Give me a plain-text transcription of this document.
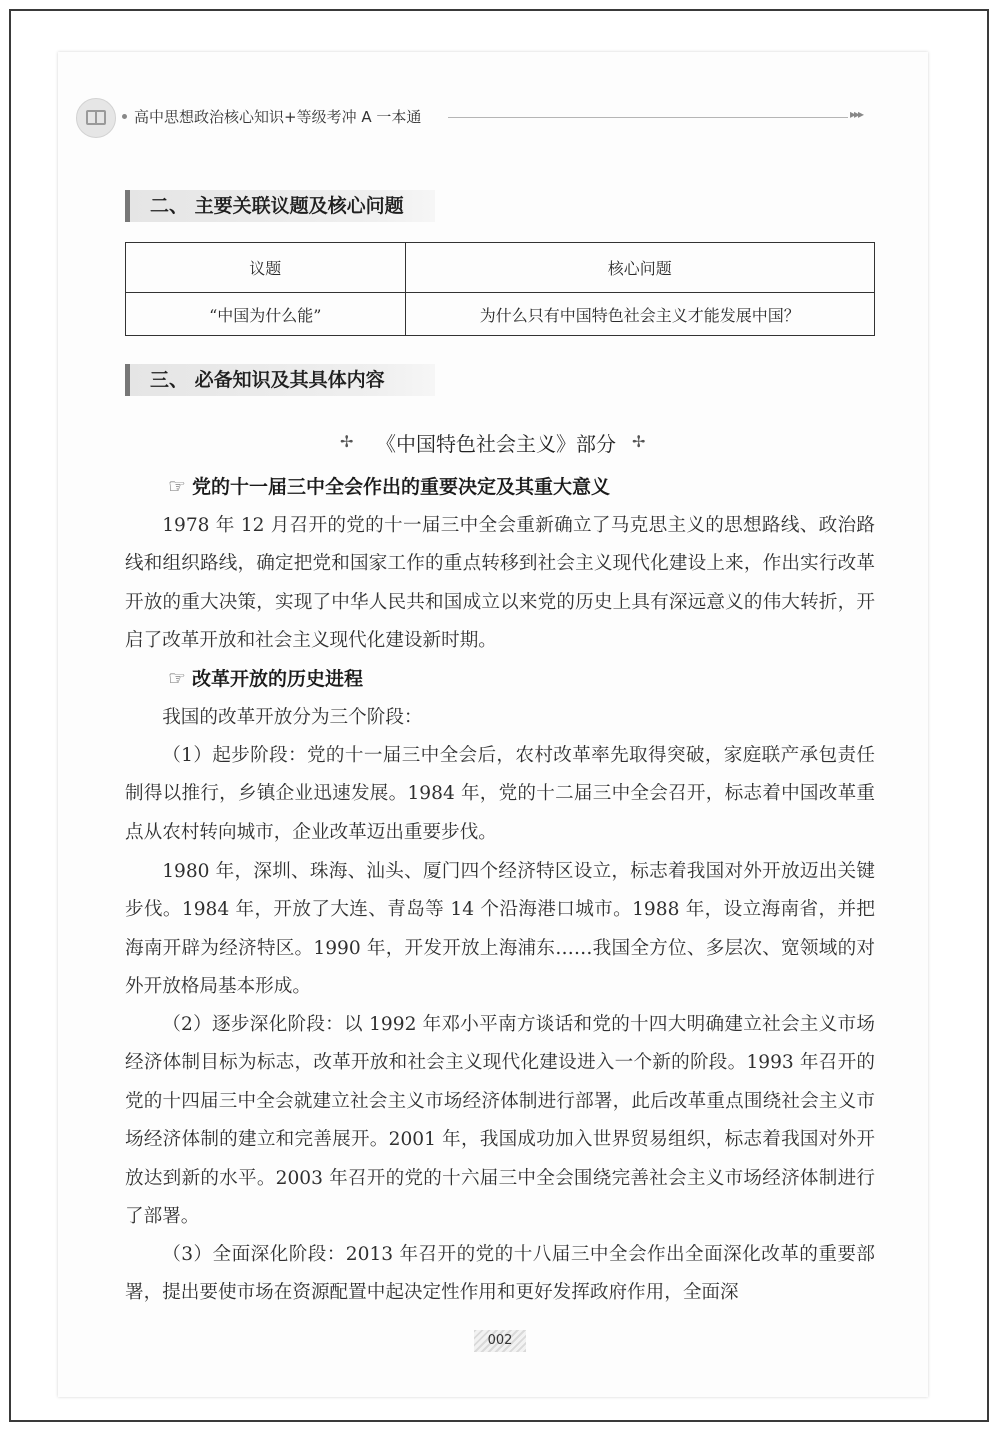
高中思想政治核心知识+等级考冲 A 一本通	▸▸▸
二、 主要关联议题及核心问题
议题	核心问题
“中国为什么能”	为什么只有中国特色社会主义才能发展中国？
三、 必备知识及其具体内容
✢ 《中国特色社会主义》部分 ✢
☞ 党的十一届三中全会作出的重要决定及其重大意义

1978 年 12 月召开的党的十一届三中全会重新确立了马克思主义的思想路线、政治路线和组织路线，确定把党和国家工作的重点转移到社会主义现代化建设上来，作出实行改革开放的重大决策，实现了中华人民共和国成立以来党的历史上具有深远意义的伟大转折，开启了改革开放和社会主义现代化建设新时期。

☞ 改革开放的历史进程

我国的改革开放分为三个阶段：

（1）起步阶段：党的十一届三中全会后，农村改革率先取得突破，家庭联产承包责任制得以推行，乡镇企业迅速发展。1984 年，党的十二届三中全会召开，标志着中国改革重点从农村转向城市，企业改革迈出重要步伐。

1980 年，深圳、珠海、汕头、厦门四个经济特区设立，标志着我国对外开放迈出关键步伐。1984 年，开放了大连、青岛等 14 个沿海港口城市。1988 年，设立海南省，并把海南开辟为经济特区。1990 年，开发开放上海浦东……我国全方位、多层次、宽领域的对外开放格局基本形成。

（2）逐步深化阶段：以 1992 年邓小平南方谈话和党的十四大明确建立社会主义市场经济体制目标为标志，改革开放和社会主义现代化建设进入一个新的阶段。1993 年召开的党的十四届三中全会就建立社会主义市场经济体制进行部署，此后改革重点围绕社会主义市场经济体制的建立和完善展开。2001 年，我国成功加入世界贸易组织，标志着我国对外开放达到新的水平。2003 年召开的党的十六届三中全会围绕完善社会主义市场经济体制进行了部署。

（3）全面深化阶段：2013 年召开的党的十八届三中全会作出全面深化改革的重要部署，提出要使市场在资源配置中起决定性作用和更好发挥政府作用，全面深

002
